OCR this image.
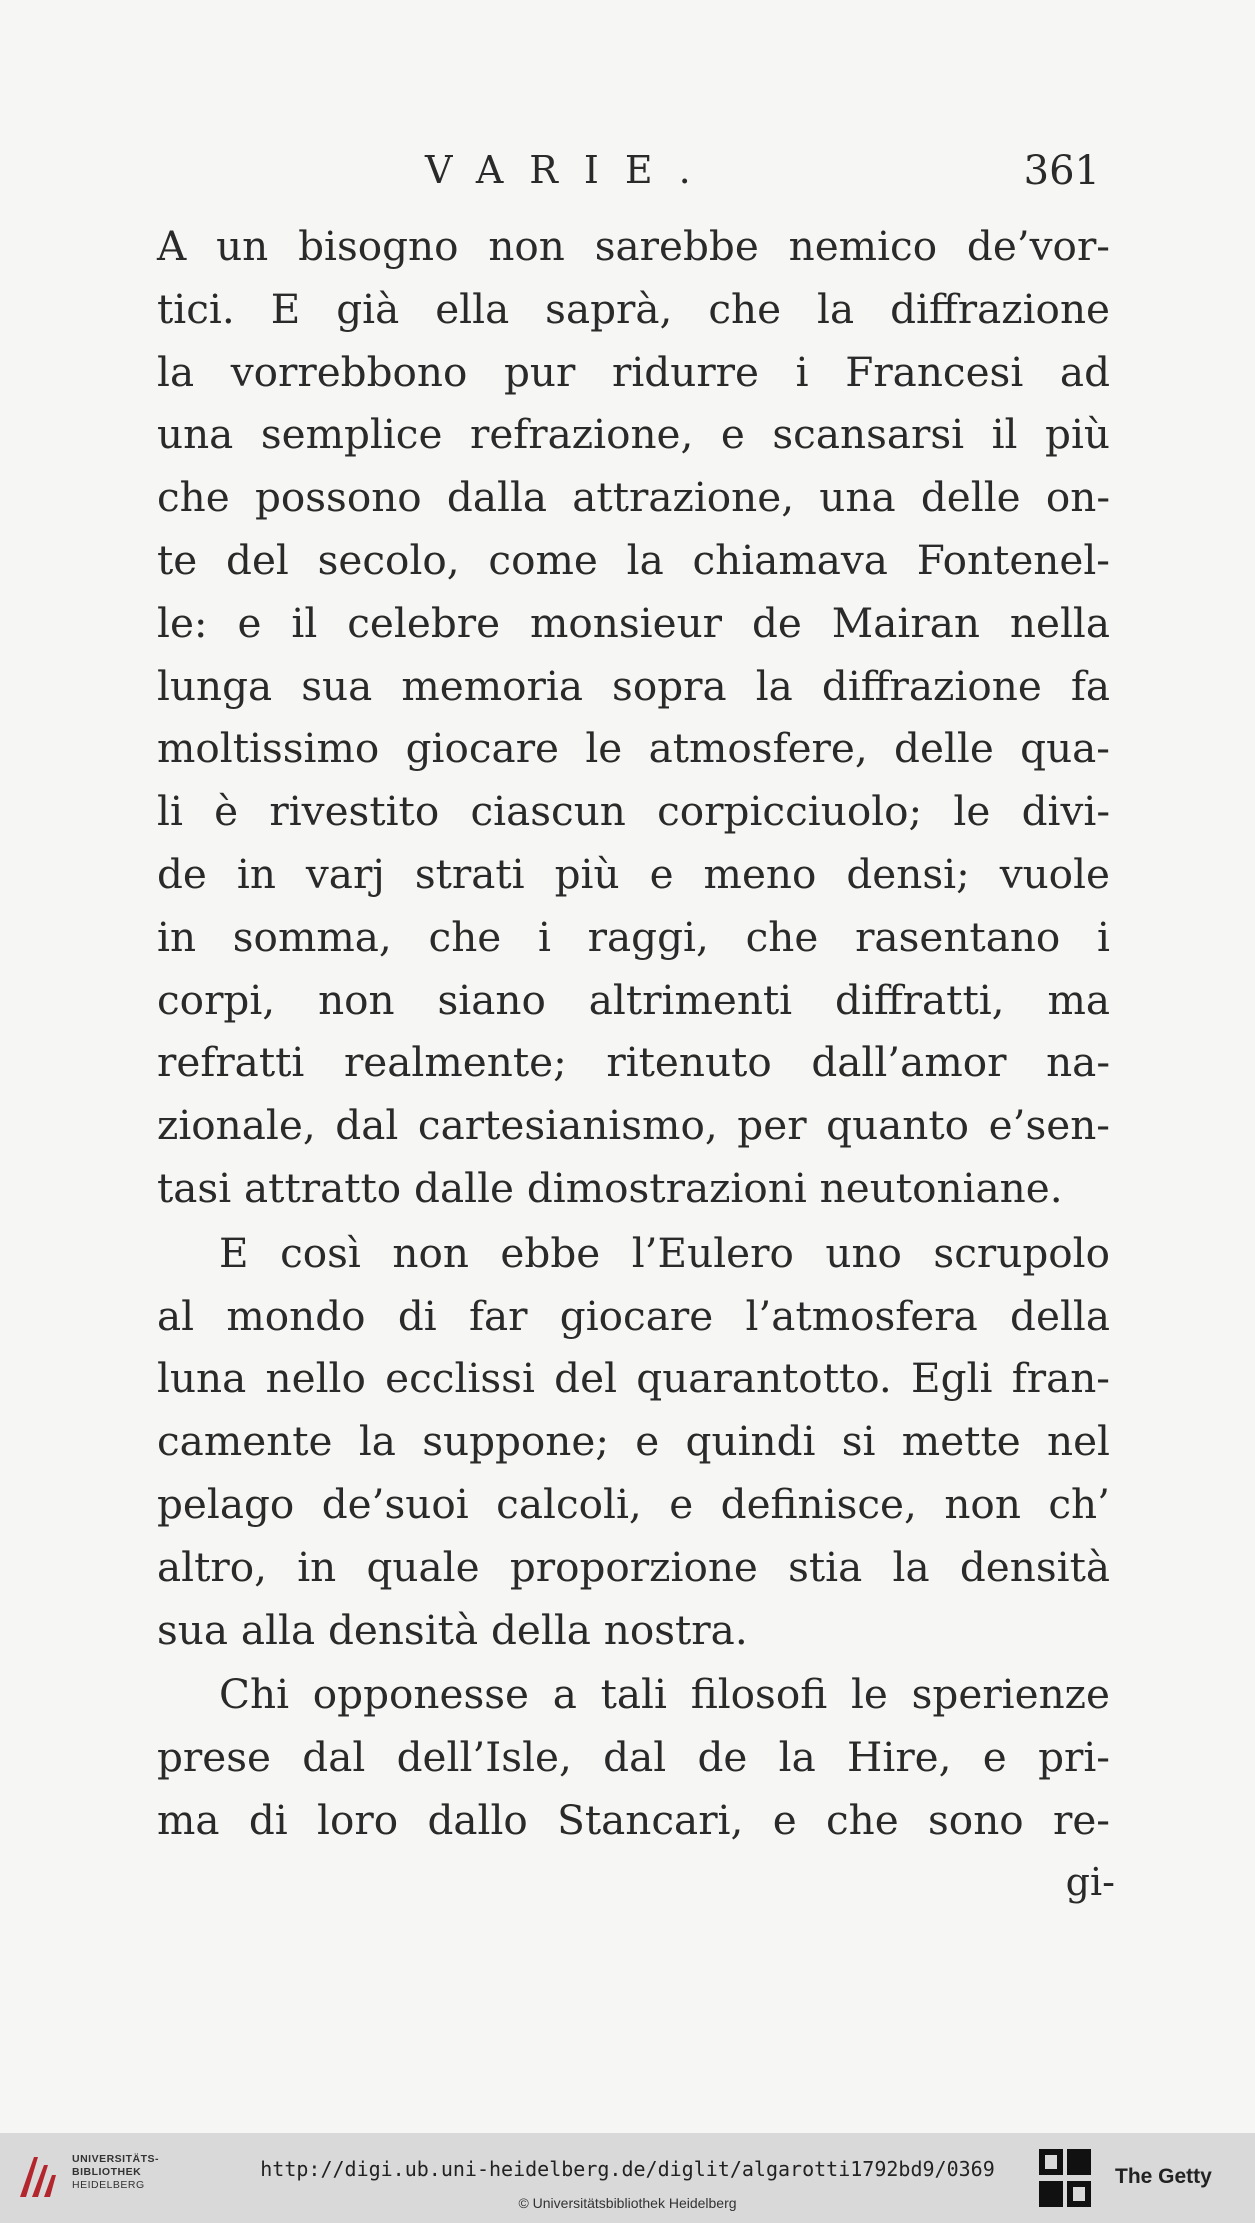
VARIE.	361
A un bisogno non sarebbe nemico de’vor-
tici. E già ella saprà, che la diffrazione
la vorrebbono pur ridurre i Francesi ad
una semplice refrazione, e scansarsi il più
che possono dalla attrazione, una delle on-
te del secolo, come la chiamava Fontenel-
le: e il celebre monsieur de Mairan nella
lunga sua memoria sopra la diffrazione fa
moltissimo giocare le atmosfere, delle qua-
li è rivestito ciascun corpicciuolo; le divi-
de in varj strati più e meno densi; vuole
in somma, che i raggi, che rasentano i
corpi, non siano altrimenti diffratti, ma
refratti realmente; ritenuto dall’amor na-
zionale, dal cartesianismo, per quanto e’sen-
tasi attratto dalle dimostrazioni neutoniane.
E così non ebbe l’Eulero uno scrupolo
al mondo di far giocare l’atmosfera della
luna nello ecclissi del quarantotto. Egli fran-
camente la suppone; e quindi si mette nel
pelago de’suoi calcoli, e definisce, non ch’
altro, in quale proporzione stia la densità
sua alla densità della nostra.
Chi opponesse a tali filosofi le sperienze
prese dal dell’Isle, dal de la Hire, e pri-
ma di loro dallo Stancari, e che sono re-
gi-
UNIVERSITÄTS-
BIBLIOTHEK
HEIDELBERG
http://digi.ub.uni-heidelberg.de/diglit/algarotti1792bd9/0369
© Universitätsbibliothek Heidelberg
The Getty
